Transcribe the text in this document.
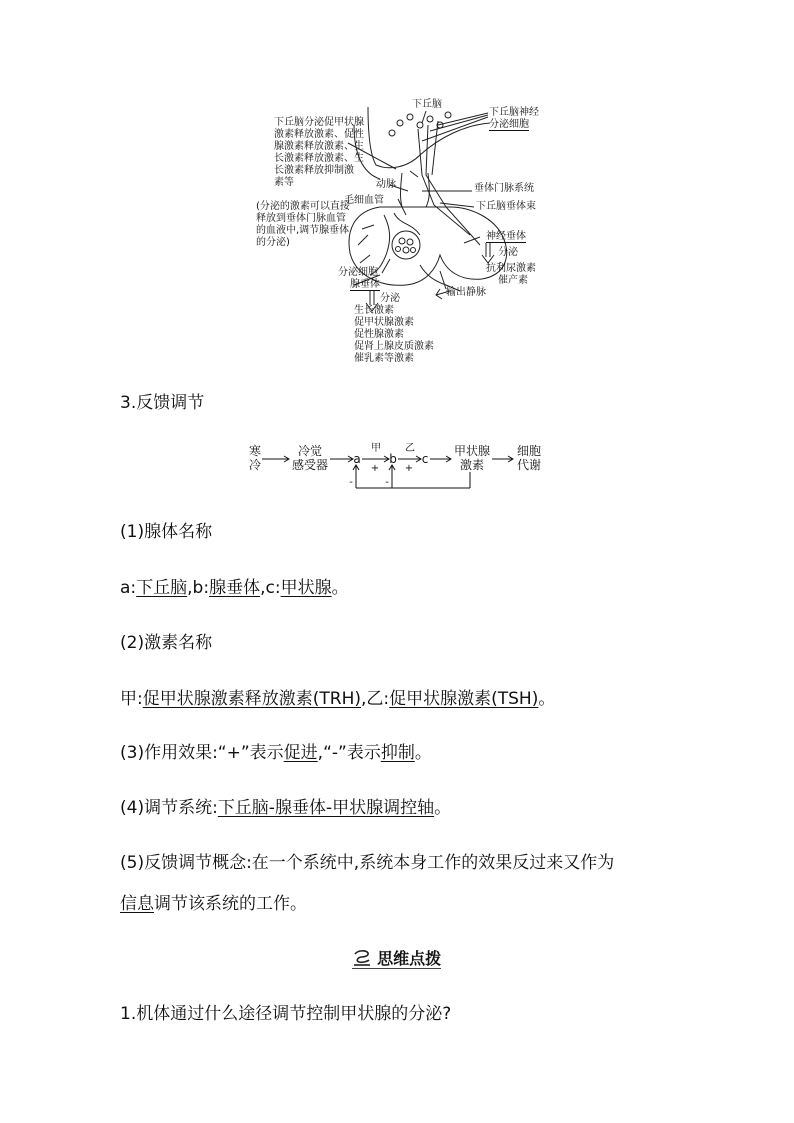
下丘脑
下丘脑神经
分泌细胞
下丘脑分泌促甲状腺
激素释放激素、促性
腺激素释放激素、生
长激素释放激素、生
长激素释放抑制激
素等	动脉	垂体门脉系统
毛细血管
下丘脑垂体束
(分泌的激素可以直接
释放到垂体门脉血管
的血液中,调节腺垂体
的分泌)
神经垂体
分泌
抗利尿激素
催产素
分泌细胞
腺垂体
输出静脉
分泌
生长激素
促甲状腺激素
促性腺激素
促肾上腺皮质激素
催乳素等激素
3.反馈调节
寒
冷
冷觉
感受器	a
甲
+
b
乙
+
c
甲状腺
激素
细胞
代谢
-	-
(1)腺体名称
a:下丘脑,b:腺垂体,c:甲状腺。
(2)激素名称
甲:促甲状腺激素释放激素(TRH),乙:促甲状腺激素(TSH)。
(3)作用效果:“+”表示促进,“-”表示抑制。
(4)调节系统:下丘脑-腺垂体-甲状腺调控轴。
(5)反馈调节概念:在一个系统中,系统本身工作的效果反过来又作为
信息调节该系统的工作。
思维点拨
1.机体通过什么途径调节控制甲状腺的分泌?
